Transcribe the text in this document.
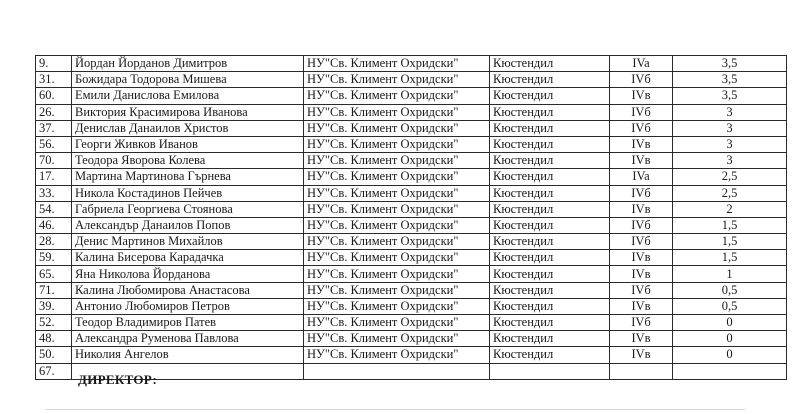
9.	Йордан Йорданов Димитров	НУ"Св. Климент Охридски"	Кюстендил	IVa	3,5
31.	Божидара Тодорова Мишева	НУ"Св. Климент Охридски"	Кюстендил	IVб	3,5
60.	Емили Данислова Емилова	НУ"Св. Климент Охридски"	Кюстендил	IVв	3,5
26.	Виктория Красимирова Иванова	НУ"Св. Климент Охридски"	Кюстендил	IVб	3
37.	Денислав Данаилов Христов	НУ"Св. Климент Охридски"	Кюстендил	IVб	3
56.	Георги Живков Иванов	НУ"Св. Климент Охридски"	Кюстендил	IVв	3
70.	Теодора Яворова Колева	НУ"Св. Климент Охридски"	Кюстендил	IVв	3
17.	Мартина Мартинова Гърнева	НУ"Св. Климент Охридски"	Кюстендил	IVa	2,5
33.	Никола Костадинов Пейчев	НУ"Св. Климент Охридски"	Кюстендил	IVб	2,5
54.	Габриела Георгиева Стоянова	НУ"Св. Климент Охридски"	Кюстендил	IVв	2
46.	Александър Данаилов Попов	НУ"Св. Климент Охридски"	Кюстендил	IVб	1,5
28.	Денис Мартинов Михайлов	НУ"Св. Климент Охридски"	Кюстендил	IVб	1,5
59.	Калина Бисерова Карадачка	НУ"Св. Климент Охридски"	Кюстендил	IVв	1,5
65.	Яна Николова Йорданова	НУ"Св. Климент Охридски"	Кюстендил	IVв	1
71.	Калина Любомирова Анастасова	НУ"Св. Климент Охридски"	Кюстендил	IVб	0,5
39.	Антонио Любомиров Петров	НУ"Св. Климент Охридски"	Кюстендил	IVв	0,5
52.	Теодор Владимиров Патев	НУ"Св. Климент Охридски"	Кюстендил	IVб	0
48.	Александра Руменова Павлова	НУ"Св. Климент Охридски"	Кюстендил	IVв	0
50.	Николия Ангелов	НУ"Св. Климент Охридски"	Кюстендил	IVв	0
67.					
ДИРЕКТОР:
